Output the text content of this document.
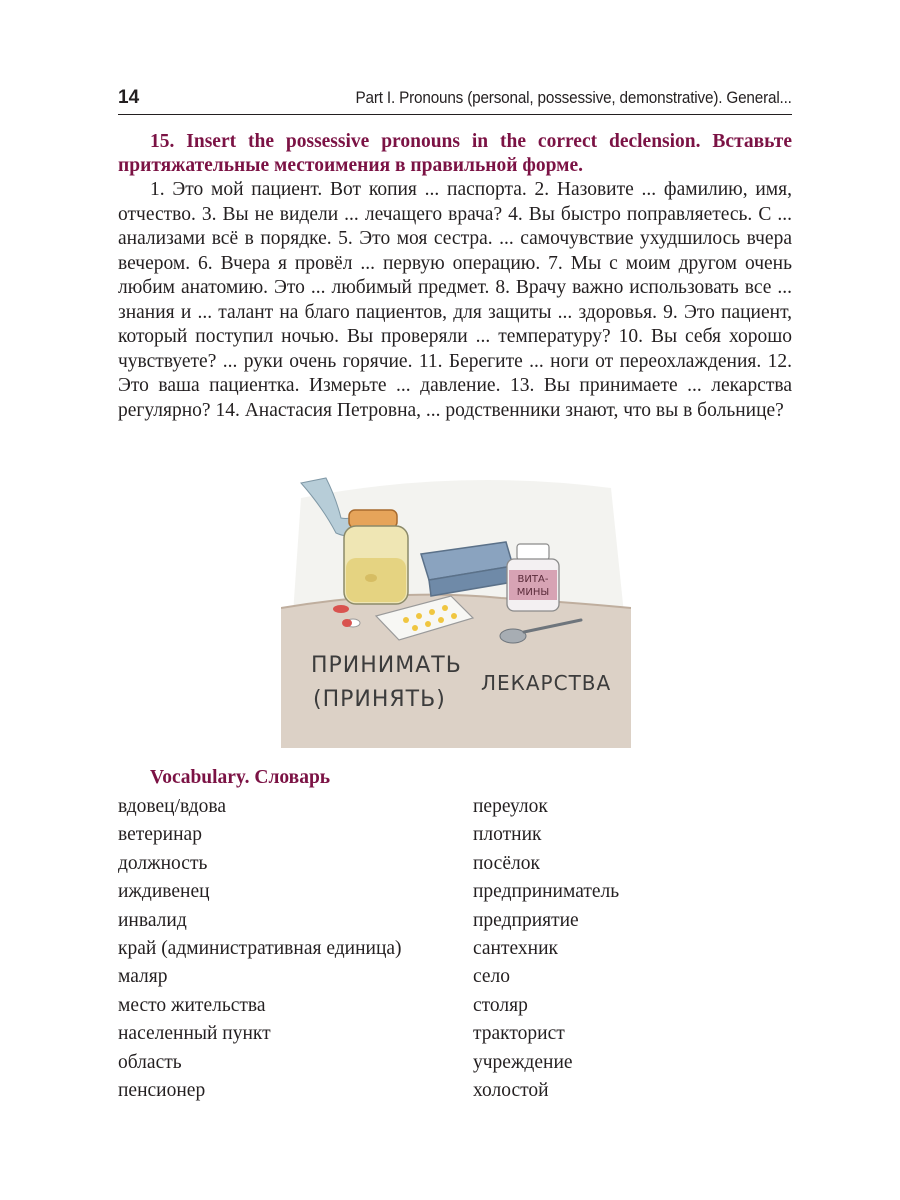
14	Part I. Pronouns (personal, possessive, demonstrative). General...
15. Insert the possessive pronouns in the correct declension. Вставьте притяжательные местоимения в правильной форме.
1. Это мой пациент. Вот копия ... паспорта. 2. Назовите ... фамилию, имя, отчество. 3. Вы не видели ... лечащего врача? 4. Вы быстро поправляетесь. С ... анализами всё в порядке. 5. Это моя сестра. ... самочувствие ухудшилось вчера вечером. 6. Вчера я провёл ... первую операцию. 7. Мы с моим другом очень любим анатомию. Это ... любимый предмет. 8. Врачу важно использовать все ... знания и ... талант на благо пациентов, для защиты ... здоровья. 9. Это пациент, который поступил ночью. Вы проверяли ... температуру? 10. Вы себя хорошо чувствуете? ... руки очень горячие. 11. Берегите ... ноги от переохлаждения. 12. Это ваша пациентка. Измерьте ... давление. 13. Вы принимаете ... лекарства регулярно? 14. Анастасия Петровна, ... родственники знают, что вы в больнице?
ВИТА-
МИНЫ
ПРИНИМАТЬ
(ПРИНЯТЬ)
ЛЕКАРСТВА
Vocabulary. Словарь
вдовец/вдова
ветеринар
должность
иждивенец
инвалид
край (административная единица)
маляр
место жительства
населенный пункт
область
пенсионер
переулок
плотник
посёлок
предприниматель
предприятие
сантехник
село
столяр
тракторист
учреждение
холостой
